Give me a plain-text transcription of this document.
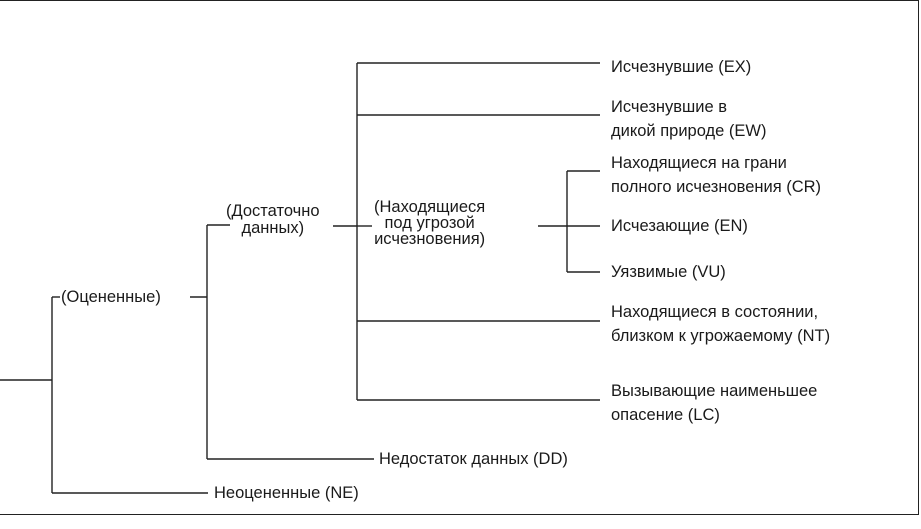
(Оцененные)
(Достаточно
данных)
(Находящиеся
под угрозой
исчезновения)
Исчезнувшие (EX)
Исчезнувшие в
дикой природе (EW)
Находящиеся на грани
полного исчезновения (CR)
Исчезающие (EN)
Уязвимые (VU)
Находящиеся в состоянии,
близком к угрожаемому (NT)
Вызывающие наименьшее
опасение (LC)
Недостаток данных (DD)
Неоцененные (NE)
